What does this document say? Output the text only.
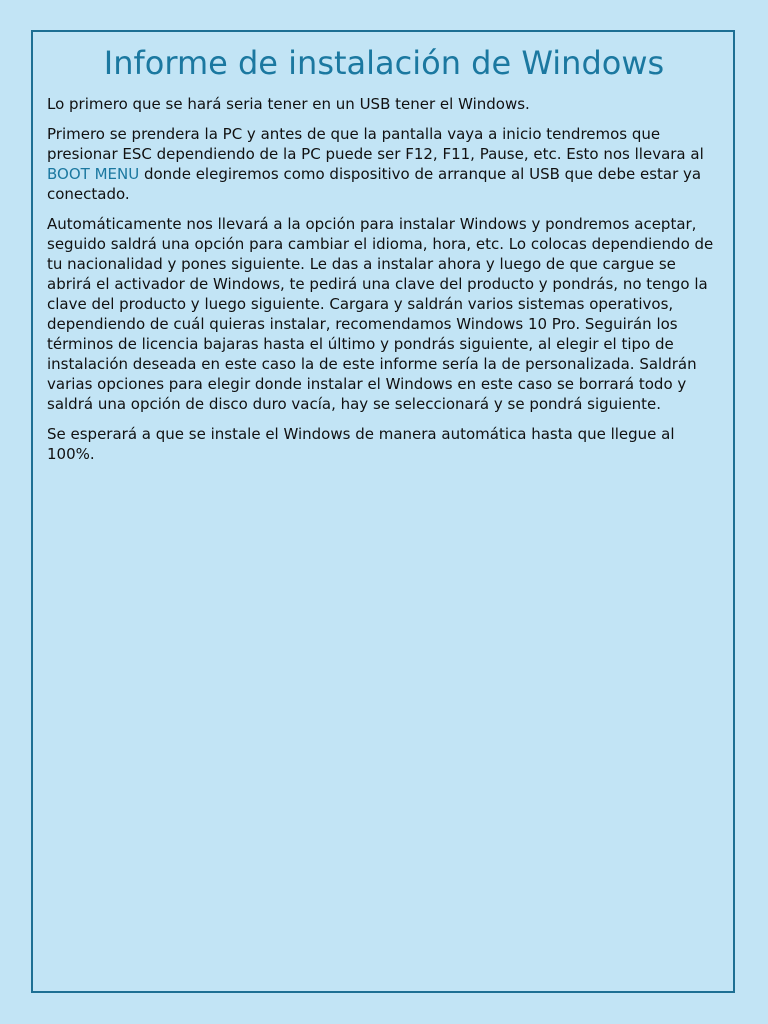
Informe de instalación de Windows

Lo primero que se hará seria tener en un USB tener el Windows.

Primero se prendera la PC y antes de que la pantalla vaya a inicio tendremos que presionar ESC dependiendo de la PC puede ser F12, F11, Pause, etc. Esto nos llevara al BOOT MENU donde elegiremos como dispositivo de arranque al USB que debe estar ya conectado.

Automáticamente nos llevará a la opción para instalar Windows y pondremos aceptar, seguido saldrá una opción para cambiar el idioma, hora, etc. Lo colocas dependiendo de tu nacionalidad y pones siguiente. Le das a instalar ahora y luego de que cargue se abrirá el activador de Windows, te pedirá una clave del producto y pondrás, no tengo la clave del producto y luego siguiente. Cargara y saldrán varios sistemas operativos, dependiendo de cuál quieras instalar, recomendamos Windows 10 Pro. Seguirán los términos de licencia bajaras hasta el último y pondrás siguiente, al elegir el tipo de instalación deseada en este caso la de este informe sería la de personalizada. Saldrán varias opciones para elegir donde instalar el Windows en este caso se borrará todo y saldrá una opción de disco duro vacía, hay se seleccionará y se pondrá siguiente.

Se esperará a que se instale el Windows de manera automática hasta que llegue al 100%.
